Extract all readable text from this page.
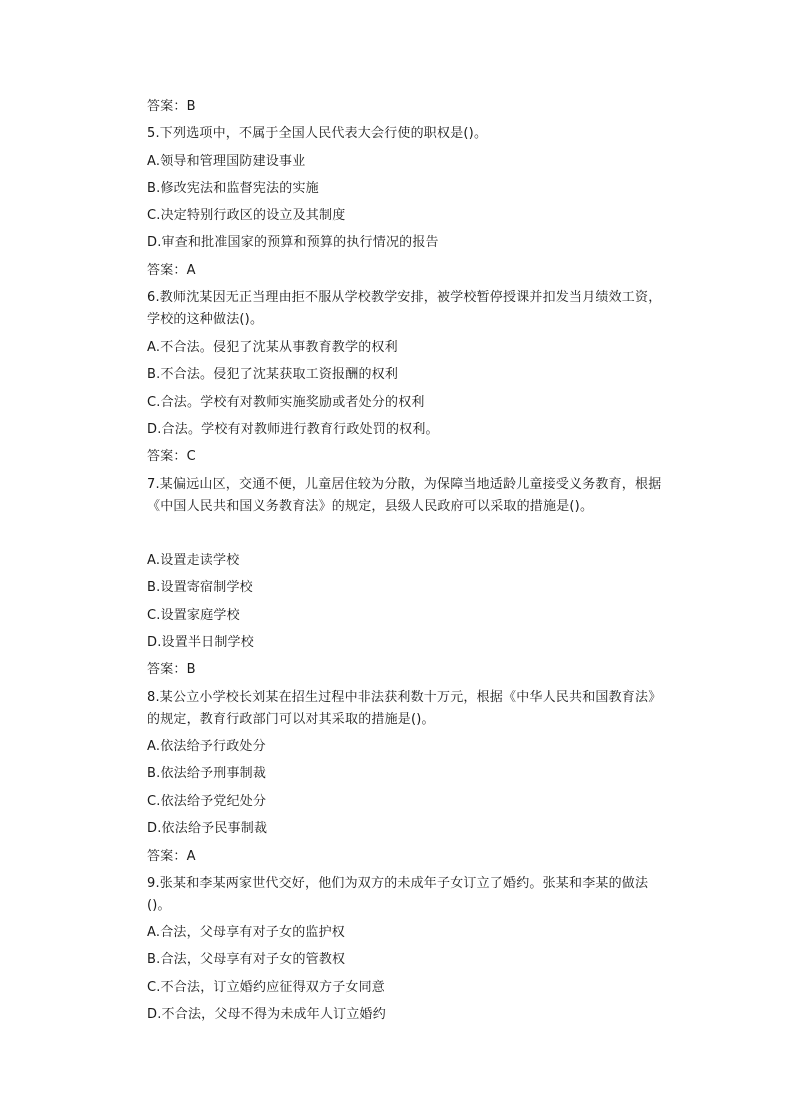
答案：B
5.下列选项中，不属于全国人民代表大会行使的职权是()。
A.领导和管理国防建设事业
B.修改宪法和监督宪法的实施
C.决定特别行政区的设立及其制度
D.审查和批准国家的预算和预算的执行情况的报告
答案：A
6.教师沈某因无正当理由拒不服从学校教学安排，被学校暂停授课并扣发当月绩效工资，学校的这种做法()。
A.不合法。侵犯了沈某从事教育教学的权利
B.不合法。侵犯了沈某获取工资报酬的权利
C.合法。学校有对教师实施奖励或者处分的权利
D.合法。学校有对教师进行教育行政处罚的权利。
答案：C
7.某偏远山区，交通不便，儿童居住较为分散，为保障当地适龄儿童接受义务教育，根据《中国人民共和国义务教育法》的规定，县级人民政府可以采取的措施是()。
A.设置走读学校
B.设置寄宿制学校
C.设置家庭学校
D.设置半日制学校
答案：B
8.某公立小学校长刘某在招生过程中非法获利数十万元，根据《中华人民共和国教育法》的规定，教育行政部门可以对其采取的措施是()。
A.依法给予行政处分
B.依法给予刑事制裁
C.依法给予党纪处分
D.依法给予民事制裁
答案：A
9.张某和李某两家世代交好，他们为双方的未成年子女订立了婚约。张某和李某的做法()。
A.合法，父母享有对子女的监护权
B.合法，父母享有对子女的管教权
C.不合法，订立婚约应征得双方子女同意
D.不合法，父母不得为未成年人订立婚约
